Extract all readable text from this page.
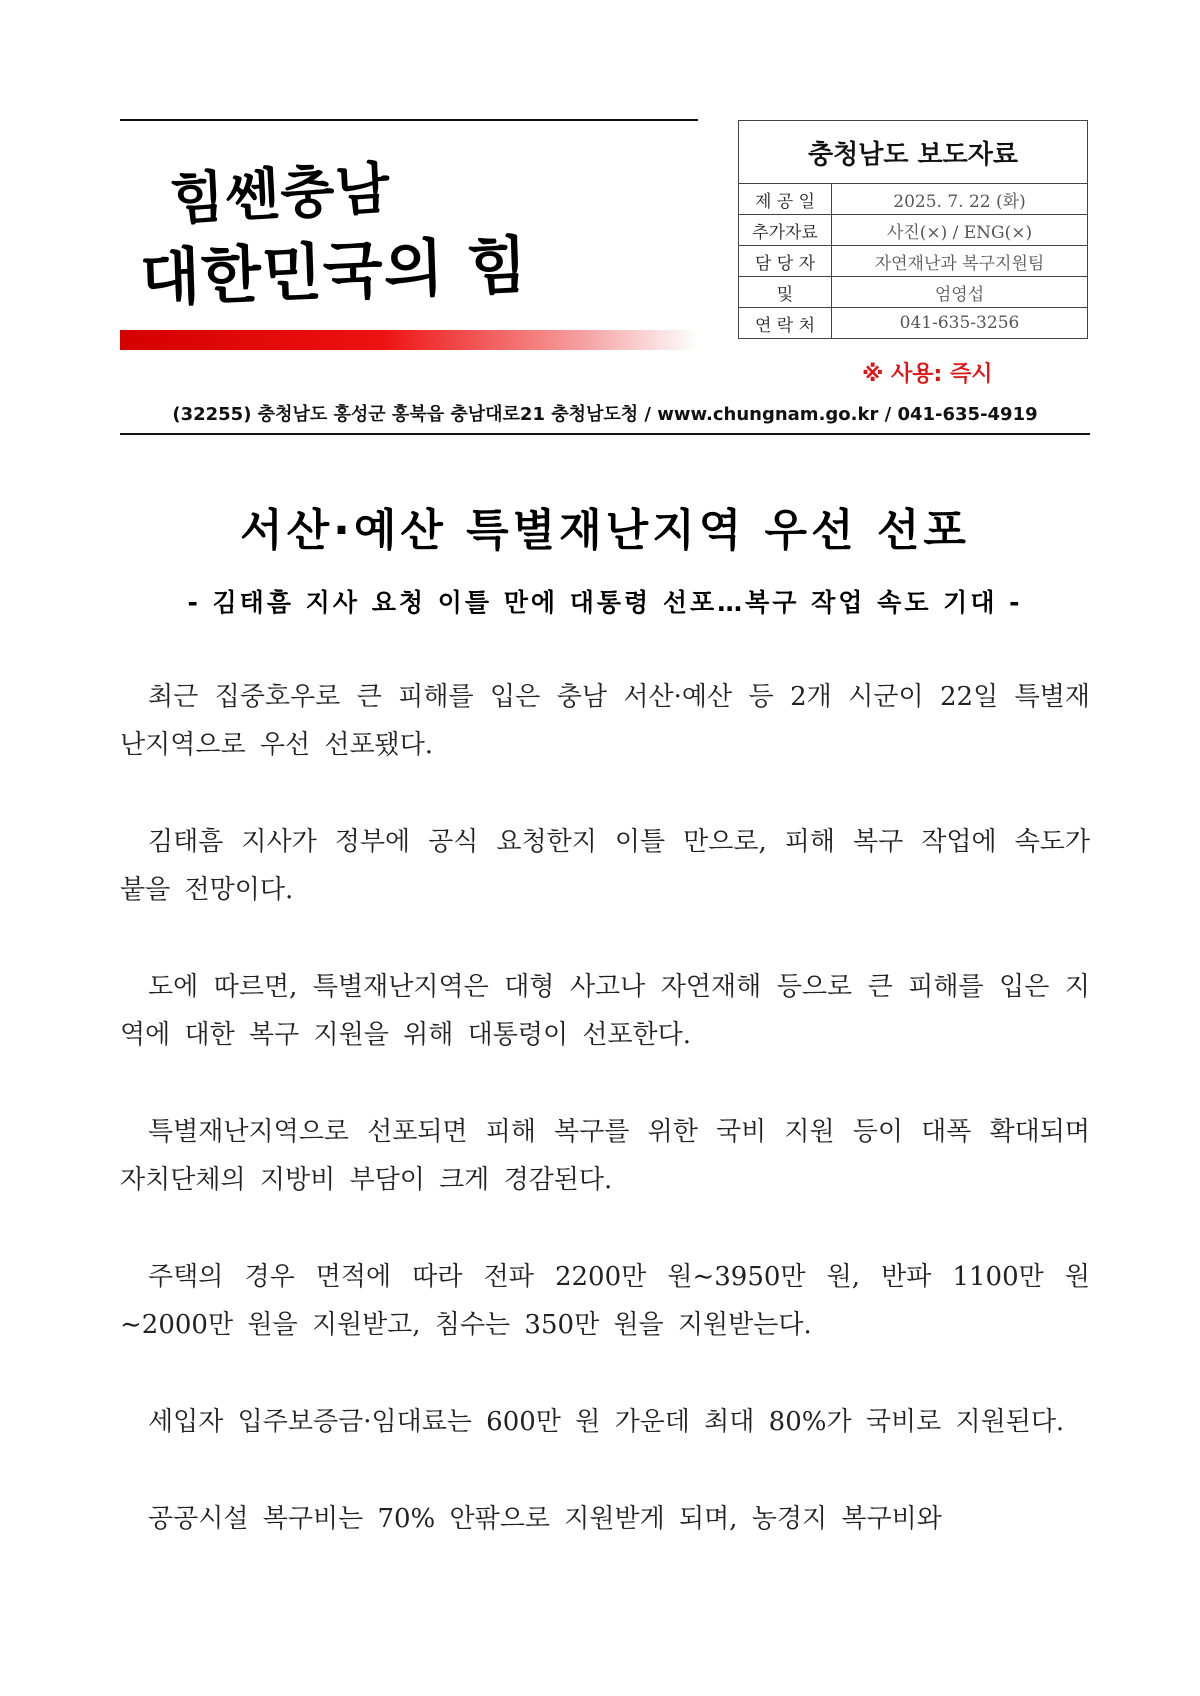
힘쎈충남
대한민국의 힘
충청남도 보도자료	
제 공 일	2025. 7. 22 (화)
추가자료	사진(×) / ENG(×)
담 당 자	자연재난과 복구지원팀
및	엄영섭
연 락 처	041-635-3256
※ 사용: 즉시
(32255) 충청남도 홍성군 홍북읍 충남대로21 충청남도청 / www.chungnam.go.kr / 041-635-4919
서산·예산 특별재난지역 우선 선포
- 김태흠 지사 요청 이틀 만에 대통령 선포…복구 작업 속도 기대 -

최근 집중호우로 큰 피해를 입은 충남 서산·예산 등 2개 시군이 22일 특별재난지역으로 우선 선포됐다.

김태흠 지사가 정부에 공식 요청한지 이틀 만으로, 피해 복구 작업에 속도가 붙을 전망이다.

도에 따르면, 특별재난지역은 대형 사고나 자연재해 등으로 큰 피해를 입은 지역에 대한 복구 지원을 위해 대통령이 선포한다.

특별재난지역으로 선포되면 피해 복구를 위한 국비 지원 등이 대폭 확대되며 자치단체의 지방비 부담이 크게 경감된다.

주택의 경우 면적에 따라 전파 2200만 원∼3950만 원, 반파 1100만 원∼2000만 원을 지원받고, 침수는 350만 원을 지원받는다.

세입자 입주보증금·임대료는 600만 원 가운데 최대 80%가 국비로 지원된다.

공공시설 복구비는 70% 안팎으로 지원받게 되며, 농경지 복구비와
